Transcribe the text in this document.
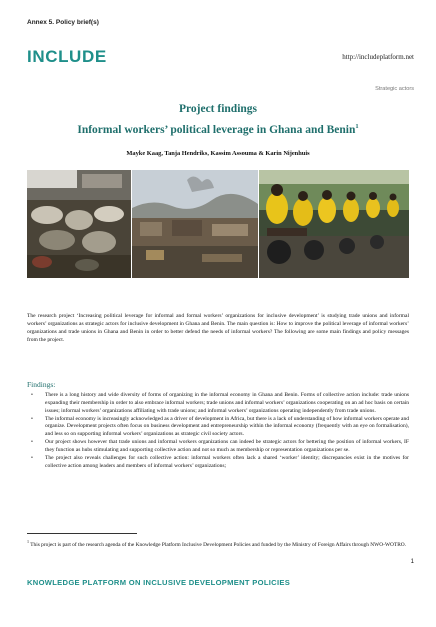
Annex 5. Policy brief(s)
INCLUDE	http://includeplatform.net
Strategic actors
Project findings
Informal workers’ political leverage in Ghana and Benin$^1$
Mayke Kaag, Tanja Hendriks, Kassim Assouma & Karin Nijenhuis

The research project ‘Increasing political leverage for informal and formal workers’ organizations for inclusive development’ is studying trade unions and informal workers’ organizations as strategic actors for inclusive development in Ghana and Benin. The main question is: How to improve the political leverage of informal workers’ organizations and trade unions in Ghana and Benin in order to better defend the needs of informal workers? The following are some main findings and policy messages from the project.

Findings:
• There is a long history and wide diversity of forms of organizing in the informal economy in Ghana and Benin. Forms of collective action include: trade unions expanding their membership in order to also embrace informal workers; trade unions and informal workers’ organizations cooperating on an ad hoc basis on certain issues; informal workers’ organizations affiliating with trade unions; and informal workers’ organizations operating independently from trade unions.
• The informal economy is increasingly acknowledged as a driver of development in Africa, but there is a lack of understanding of how informal workers operate and organize. Development projects often focus on business development and entrepreneurship within the informal economy (frequently with an eye on formalisation), and less so on supporting informal workers’ organizations as strategic civil society actors.
• Our project shows however that trade unions and informal workers organizations can indeed be strategic actors for bettering the position of informal workers, IF they function as hubs stimulating and supporting collective action and not so much as membership or representation organizations per se.
• The project also reveals challenges for such collective action: informal workers often lack a shared ‘worker’ identity; discrepancies exist in the motives for collective action among leaders and members of informal workers’ organizations;

$^1$ This project is part of the research agenda of the Knowledge Platform Inclusive Development Policies and funded by the Ministry of Foreign Affairs through NWO-WOTRO.

1
KNOWLEDGE PLATFORM ON INCLUSIVE DEVELOPMENT POLICIES
